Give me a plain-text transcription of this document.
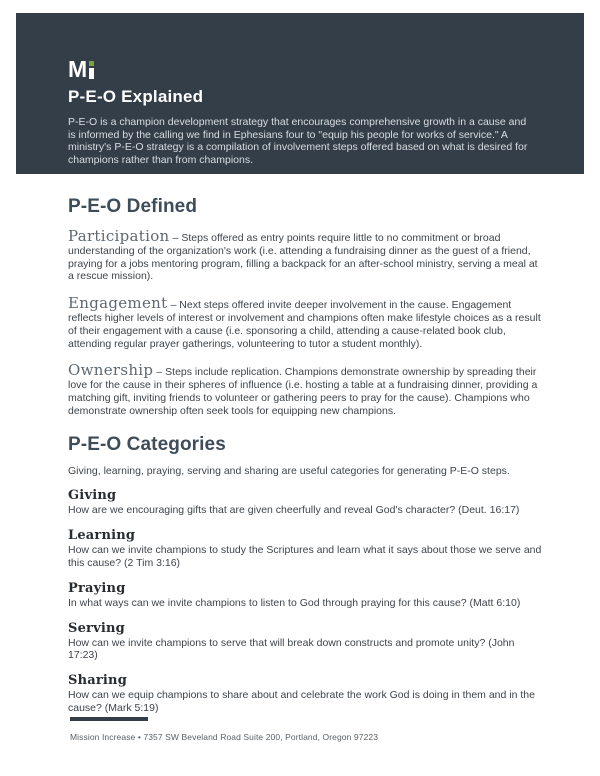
M
P-E-O Explained
P-E-O is a champion development strategy that encourages comprehensive growth in a cause and is informed by the calling we find in Ephesians four to "equip his people for works of service." A ministry's P-E-O strategy is a compilation of involvement steps offered based on what is desired for champions rather than from champions.
P-E-O Defined

Participation – Steps offered as entry points require little to no commitment or broad understanding of the organization's work (i.e. attending a fundraising dinner as the guest of a friend, praying for a jobs mentoring program, filling a backpack for an after-school ministry, serving a meal at a rescue mission).

Engagement – Next steps offered invite deeper involvement in the cause. Engagement reflects higher levels of interest or involvement and champions often make lifestyle choices as a result of their engagement with a cause (i.e. sponsoring a child, attending a cause-related book club, attending regular prayer gatherings, volunteering to tutor a student monthly).

Ownership – Steps include replication. Champions demonstrate ownership by spreading their love for the cause in their spheres of influence (i.e. hosting a table at a fundraising dinner, providing a matching gift, inviting friends to volunteer or gathering peers to pray for the cause). Champions who demonstrate ownership often seek tools for equipping new champions.

P-E-O Categories

Giving, learning, praying, serving and sharing are useful categories for generating P-E-O steps.

Giving

How are we encouraging gifts that are given cheerfully and reveal God's character? (Deut. 16:17)

Learning

How can we invite champions to study the Scriptures and learn what it says about those we serve and this cause? (2 Tim 3:16)

Praying

In what ways can we invite champions to listen to God through praying for this cause? (Matt 6:10)

Serving

How can we invite champions to serve that will break down constructs and promote unity? (John 17:23)

Sharing

How can we equip champions to share about and celebrate the work God is doing in them and in the cause? (Mark 5:19)

Mission Increase • 7357 SW Beveland Road Suite 200, Portland, Oregon 97223
